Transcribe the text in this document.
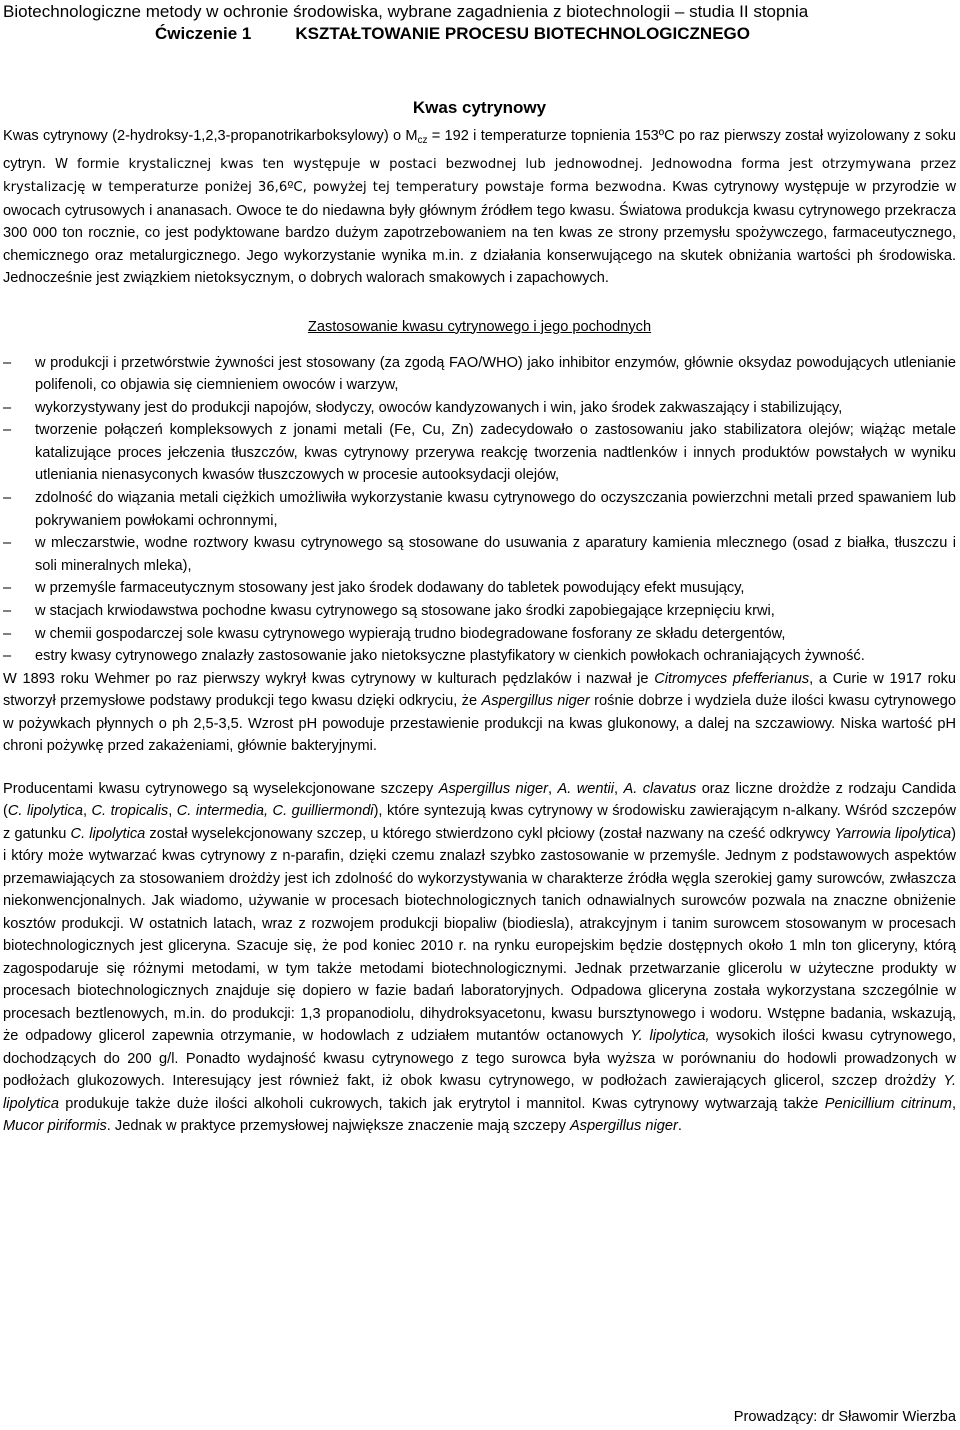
Biotechnologiczne metody w ochronie środowiska, wybrane zagadnienia z biotechnologii – studia II stopnia
Ćwiczenie 1	KSZTAŁTOWANIE PROCESU BIOTECHNOLOGICZNEGO
Kwas cytrynowy

Kwas cytrynowy (2-hydroksy-1,2,3-propanotrikarboksylowy) o $M_{cz} = 192$ i temperaturze topnienia 153ºC po raz pierwszy został wyizolowany z soku cytryn. W formie krystalicznej kwas ten występuje w postaci bezwodnej lub jednowodnej. Jednowodna forma jest otrzymywana przez krystalizację w temperaturze poniżej 36,6ºC, powyżej tej temperatury powstaje forma bezwodna. Kwas cytrynowy występuje w przyrodzie w owocach cytrusowych i ananasach. Owoce te do niedawna były głównym źródłem tego kwasu. Światowa produkcja kwasu cytrynowego przekracza 300 000 ton rocznie, co jest podyktowane bardzo dużym zapotrzebowaniem na ten kwas ze strony przemysłu spożywczego, farmaceutycznego, chemicznego oraz metalurgicznego. Jego wykorzystanie wynika m.in. z działania konserwującego na skutek obniżania wartości ph środowiska. Jednocześnie jest związkiem nietoksycznym, o dobrych walorach smakowych i zapachowych.

Zastosowanie kwasu cytrynowego i jego pochodnych
– w produkcji i przetwórstwie żywności jest stosowany (za zgodą FAO/WHO) jako inhibitor enzymów, głównie oksydaz powodujących utlenianie polifenoli, co objawia się ciemnieniem owoców i warzyw,
– wykorzystywany jest do produkcji napojów, słodyczy, owoców kandyzowanych i win, jako środek zakwaszający i stabilizujący,
– tworzenie połączeń kompleksowych z jonami metali (Fe, Cu, Zn) zadecydowało o zastosowaniu jako stabilizatora olejów; wiążąc metale katalizujące proces jełczenia tłuszczów, kwas cytrynowy przerywa reakcję tworzenia nadtlenków i innych produktów powstałych w wyniku utleniania nienasyconych kwasów tłuszczowych w procesie autooksydacji olejów,
– zdolność do wiązania metali ciężkich umożliwiła wykorzystanie kwasu cytrynowego do oczyszczania powierzchni metali przed spawaniem lub pokrywaniem powłokami ochronnymi,
– w mleczarstwie, wodne roztwory kwasu cytrynowego są stosowane do usuwania z aparatury kamienia mlecznego (osad z białka, tłuszczu i soli mineralnych mleka),
– w przemyśle farmaceutycznym stosowany jest jako środek dodawany do tabletek powodujący efekt musujący,
– w stacjach krwiodawstwa pochodne kwasu cytrynowego są stosowane jako środki zapobiegające krzepnięciu krwi,
– w chemii gospodarczej sole kwasu cytrynowego wypierają trudno biodegradowane fosforany ze składu detergentów,
– estry kwasy cytrynowego znalazły zastosowanie jako nietoksyczne plastyfikatory w cienkich powłokach ochraniających żywność.

W 1893 roku Wehmer po raz pierwszy wykrył kwas cytrynowy w kulturach pędzlaków i nazwał je Citromyces pfefferianus, a Curie w 1917 roku stworzył przemysłowe podstawy produkcji tego kwasu dzięki odkryciu, że Aspergillus niger rośnie dobrze i wydziela duże ilości kwasu cytrynowego w pożywkach płynnych o ph 2,5-3,5. Wzrost pH powoduje przestawienie produkcji na kwas glukonowy, a dalej na szczawiowy. Niska wartość pH chroni pożywkę przed zakażeniami, głównie bakteryjnymi.

Producentami kwasu cytrynowego są wyselekcjonowane szczepy Aspergillus niger, A. wentii, A. clavatus oraz liczne drożdże z rodzaju Candida (C. lipolytica, C. tropicalis, C. intermedia, C. guilliermondi), które syntezują kwas cytrynowy w środowisku zawierającym n-alkany. Wśród szczepów z gatunku C. lipolytica został wyselekcjonowany szczep, u którego stwierdzono cykl płciowy (został nazwany na cześć odkrywcy Yarrowia lipolytica) i który może wytwarzać kwas cytrynowy z n-parafin, dzięki czemu znalazł szybko zastosowanie w przemyśle. Jednym z podstawowych aspektów przemawiających za stosowaniem drożdży jest ich zdolność do wykorzystywania w charakterze źródła węgla szerokiej gamy surowców, zwłaszcza niekonwencjonalnych. Jak wiadomo, używanie w procesach biotechnologicznych tanich odnawialnych surowców pozwala na znaczne obniżenie kosztów produkcji. W ostatnich latach, wraz z rozwojem produkcji biopaliw (biodiesla), atrakcyjnym i tanim surowcem stosowanym w procesach biotechnologicznych jest gliceryna. Szacuje się, że pod koniec 2010 r. na rynku europejskim będzie dostępnych około 1 mln ton gliceryny, którą zagospodaruje się różnymi metodami, w tym także metodami biotechnologicznymi. Jednak przetwarzanie glicerolu w użyteczne produkty w procesach biotechnologicznych znajduje się dopiero w fazie badań laboratoryjnych. Odpadowa gliceryna została wykorzystana szczególnie w procesach beztlenowych, m.in. do produkcji: 1,3 propanodiolu, dihydroksyacetonu, kwasu bursztynowego i wodoru. Wstępne badania, wskazują, że odpadowy glicerol zapewnia otrzymanie, w hodowlach z udziałem mutantów octanowych Y. lipolytica, wysokich ilości kwasu cytrynowego, dochodzących do 200 g/l. Ponadto wydajność kwasu cytrynowego z tego surowca była wyższa w porównaniu do hodowli prowadzonych w podłożach glukozowych. Interesujący jest również fakt, iż obok kwasu cytrynowego, w podłożach zawierających glicerol, szczep drożdży Y. lipolytica produkuje także duże ilości alkoholi cukrowych, takich jak erytrytol i mannitol. Kwas cytrynowy wytwarzają także Penicillium citrinum, Mucor piriformis. Jednak w praktyce przemysłowej największe znaczenie mają szczepy Aspergillus niger.

Prowadzący: dr Sławomir Wierzba
